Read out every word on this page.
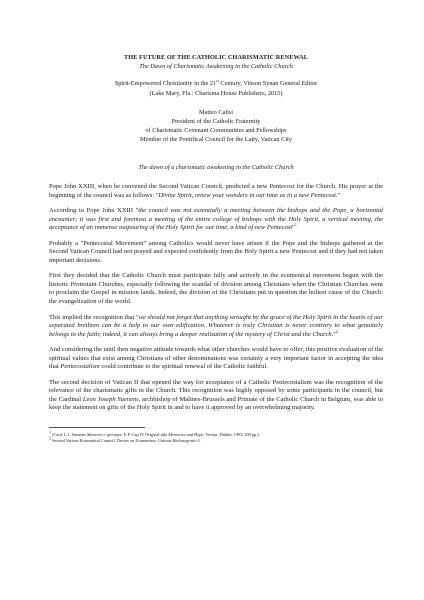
THE FUTURE OF THE CATHOLIC CHARISMATIC RENEWAL
The Dawn of Charismatic Awakening in the Catholic Church
Spirit-Empowered Christianity in the 21st Century, Vinson Synan General Editor
(Lake Mary, Fla.: Charisma House Publishers, 2015)
Matteo Calisi
President of the Catholic Fraternity
of Charismatic Covenant Communities and Fellowships
Member of the Pontifical Council for the Laity, Vatican City
The dawn of a charismatic awakening in the Catholic Church

Pope John XXIII, when he convened the Second Vatican Council, predicted a new Pentecost for the Church. His prayer at the beginning of the council was as follows: "Divine Spirit, renew your wonders in our time as in a new Pentecost."

According to Pope John XXIII "the council was not essentially a meeting between the bishops and the Pope, a horizontal encounter; it was first and foremost a meeting of the entire college of bishops with the Holy Spirit, a vertical meeting, the acceptance of an immense outpouring of the Holy Spirit for our time, a kind of new Pentecost"$^1$

Probably a "Pentecostal Movement" among Catholics would never have arisen if the Pope and the bishops gathered at the Second Vatican Council had not prayed and expected confidently from the Holy Spirit a new Pentecost and if they had not taken important decisions.

First they decided that the Catholic Church must participate fully and actively in the ecumenical movement begun with the historic Protestant Churches, especially following the scandal of division among Christians when the Christian Churches went to proclaim the Gospel in mission lands. Indeed, the division of the Christians put in question the holiest cause of the Church: the evangelization of the world.

This implied the recognition that "we should not forget that anything wrought by the grace of the Holy Spirit in the hearts of our separated brethren can be a help to our own edification. Whatever is truly Christian is never contrary to what genuinely belongs to the faith; indeed, it can always bring a deeper realization of the mystery of Christ and the Church."$^2$

And considering the until then negative attitude towards what other churches would have to offer, this positive evaluation of the spiritual values that exist among Christians of other denominations was certainly a very important factor in accepting the idea that Pentecostalism could contribute to the spiritual renewal of the Catholic faithful.

The second decision of Vatican II that opened the way for acceptance of a Catholic Pentecostalism was the recognition of the relevance of the charismatic gifts in the Church. This recognition was highly opposed by some participants in the council, but the Cardinal Leon Joseph Suenens, archbishop of Malines-Brussels and Primate of the Catholic Church in Belgium, was able to keep the statement on gifts of the Holy Spirit in and to have it approved by an overwhelming majority.

$^1$ (Card. L.J. Suenens Memorie e speranze, E.P. Cap IV Original title Memories and Hope, Veritas, Dublin, 1993, 400 pp.).
$^2$ Second Vatican Ecumenical Council, Decree on Ecumenism, Unitatis Redintegratio 4.
